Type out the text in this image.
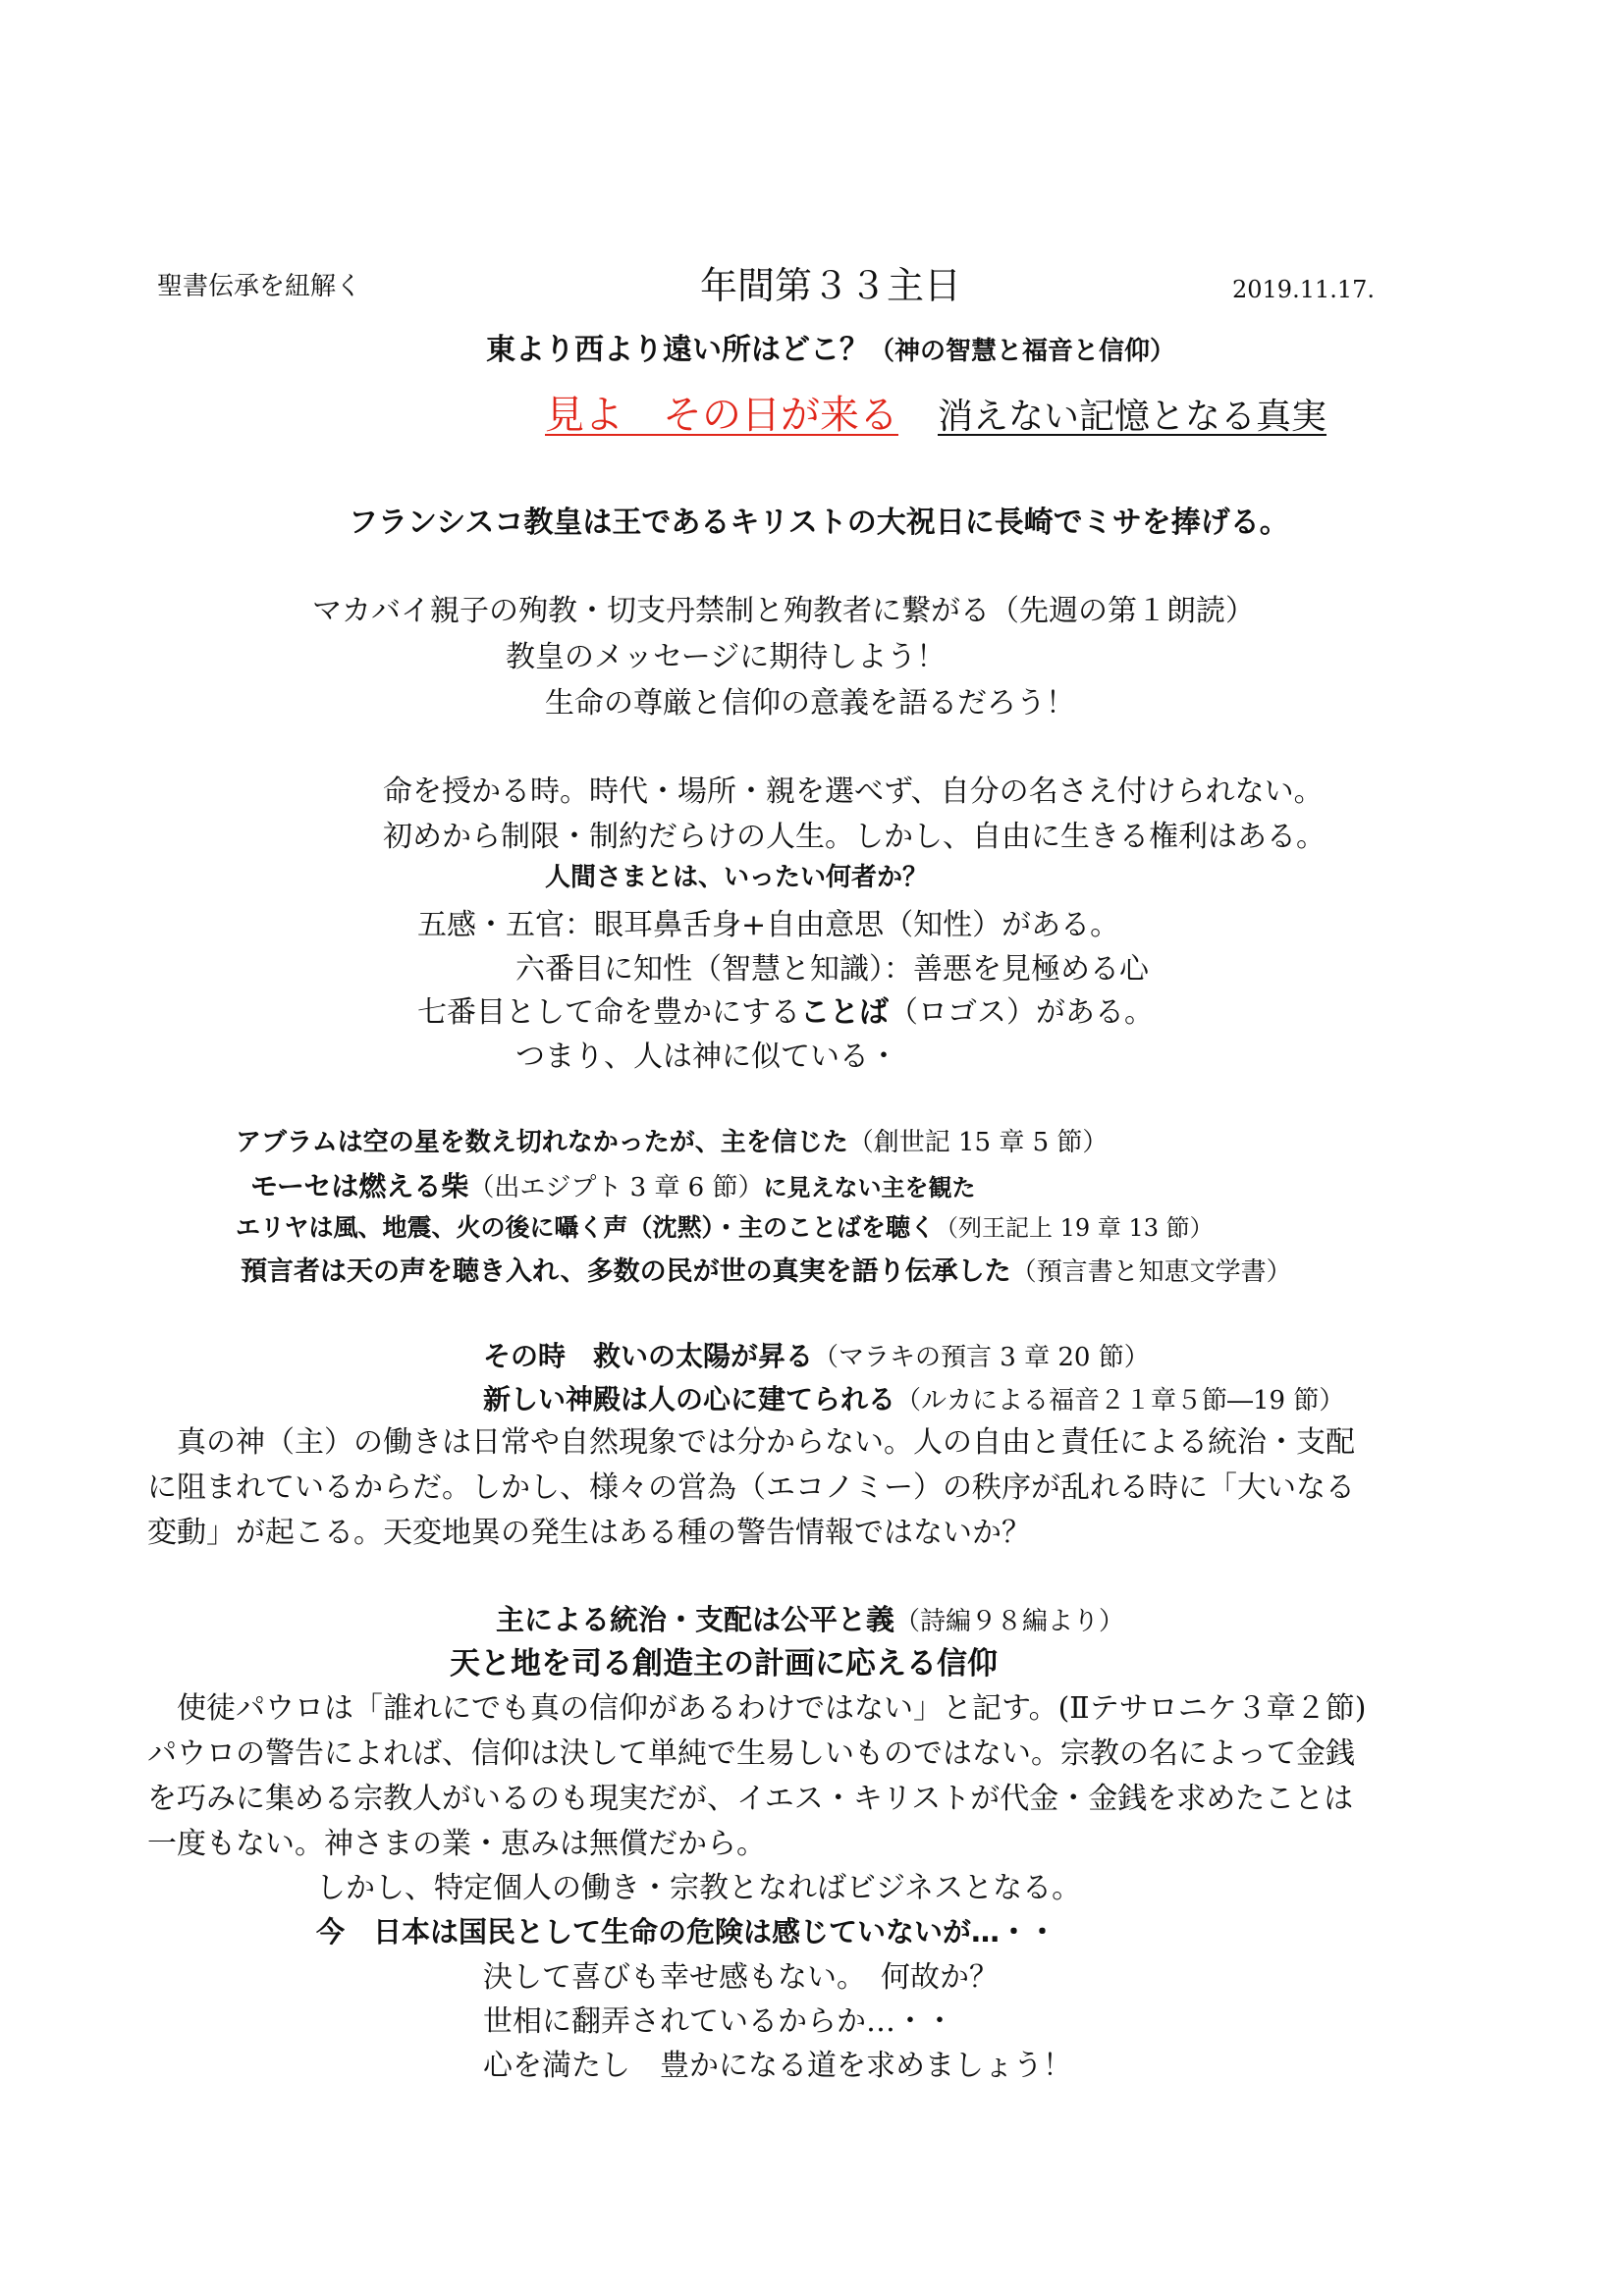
聖書伝承を紐解く	年間第３３主日	2019.11.17.
東より西より遠い所はどこ？（神の智慧と福音と信仰）
見よ　その日が来る 消えない記憶となる真実
フランシスコ教皇は王であるキリストの大祝日に長崎でミサを捧げる。
マカバイ親子の殉教・切支丹禁制と殉教者に繋がる（先週の第１朗読）
教皇のメッセージに期待しよう！
生命の尊厳と信仰の意義を語るだろう！
命を授かる時。時代・場所・親を選べず、自分の名さえ付けられない。
初めから制限・制約だらけの人生。しかし、自由に生きる権利はある。
人間さまとは、いったい何者か？
五感・五官：眼耳鼻舌身+自由意思（知性）がある。
六番目に知性（智慧と知識）：善悪を見極める心
七番目として命を豊かにすることば（ロゴス）がある。
つまり、人は神に似ている・
アブラムは空の星を数え切れなかったが、主を信じた（創世記 15 章 5 節）
モーセは燃える柴（出エジプト 3 章 6 節）に見えない主を観た
エリヤは風、地震、火の後に囁く声（沈黙）・主のことばを聴く（列王記上 19 章 13 節）
預言者は天の声を聴き入れ、多数の民が世の真実を語り伝承した（預言書と知恵文学書）
その時　救いの太陽が昇る（マラキの預言 3 章 20 節）
新しい神殿は人の心に建てられる（ルカによる福音２１章５節―19 節）
　真の神（主）の働きは日常や自然現象では分からない。人の自由と責任による統治・支配
に阻まれているからだ。しかし、様々の営為（エコノミー）の秩序が乱れる時に「大いなる
変動」が起こる。天変地異の発生はある種の警告情報ではないか？
主による統治・支配は公平と義（詩編９８編より）
天と地を司る創造主の計画に応える信仰
　使徒パウロは「誰れにでも真の信仰があるわけではない」と記す。(Ⅱテサロニケ３章２節)
パウロの警告によれば、信仰は決して単純で生易しいものではない。宗教の名によって金銭
を巧みに集める宗教人がいるのも現実だが、イエス・キリストが代金・金銭を求めたことは
一度もない。神さまの業・恵みは無償だから。
しかし、特定個人の働き・宗教となればビジネスとなる。
今　日本は国民として生命の危険は感じていないが…・・
決して喜びも幸せ感もない。　何故か？
世相に翻弄されているからか…・・
心を満たし　豊かになる道を求めましょう！
